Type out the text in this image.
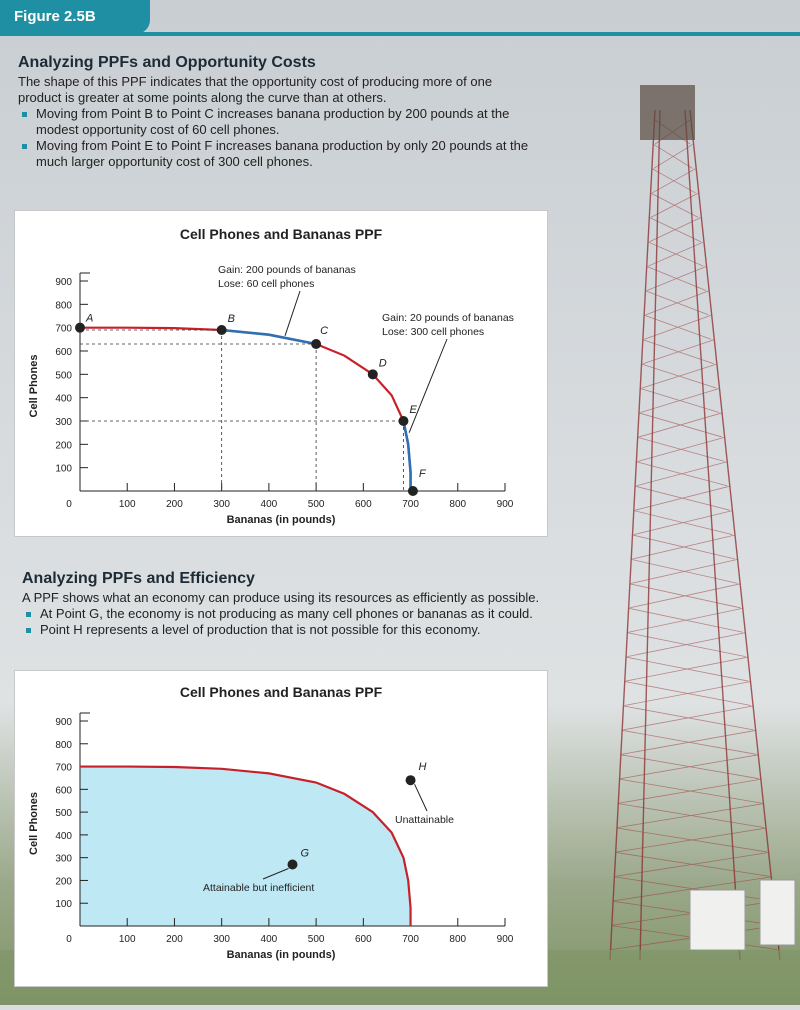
Figure 2.5B
Analyzing PPFs and Opportunity Costs

The shape of this PPF indicates that the opportunity cost of producing more of one product is greater at some points along the curve than at others.

Moving from Point B to Point C increases banana production by 200 pounds at the modest opportunity cost of 60 cell phones.
Moving from Point E to Point F increases banana production by only 20 pounds at the much larger opportunity cost of 300 cell phones.
Cell Phones and Bananas PPF
100	200	300	400	500	600	700	800	900
100
200
300
400
500
600
700
800
900
0
Bananas (in pounds)
Cell Phones
A	B
C
D
E
F
Gain: 200 pounds of bananas
Lose: 60 cell phones
Gain: 20 pounds of bananas
Lose: 300 cell phones
Analyzing PPFs and Efficiency

A PPF shows what an economy can produce using its resources as efficiently as possible.

At Point G, the economy is not producing as many cell phones or bananas as it could.
Point H represents a level of production that is not possible for this economy.
Cell Phones and Bananas PPF
100	200	300	400	500	600	700	800	900
100
200
300
400
500
600
700
800
900
0
Bananas (in pounds)
Cell Phones	G
H
Attainable but inefficient
Unattainable
